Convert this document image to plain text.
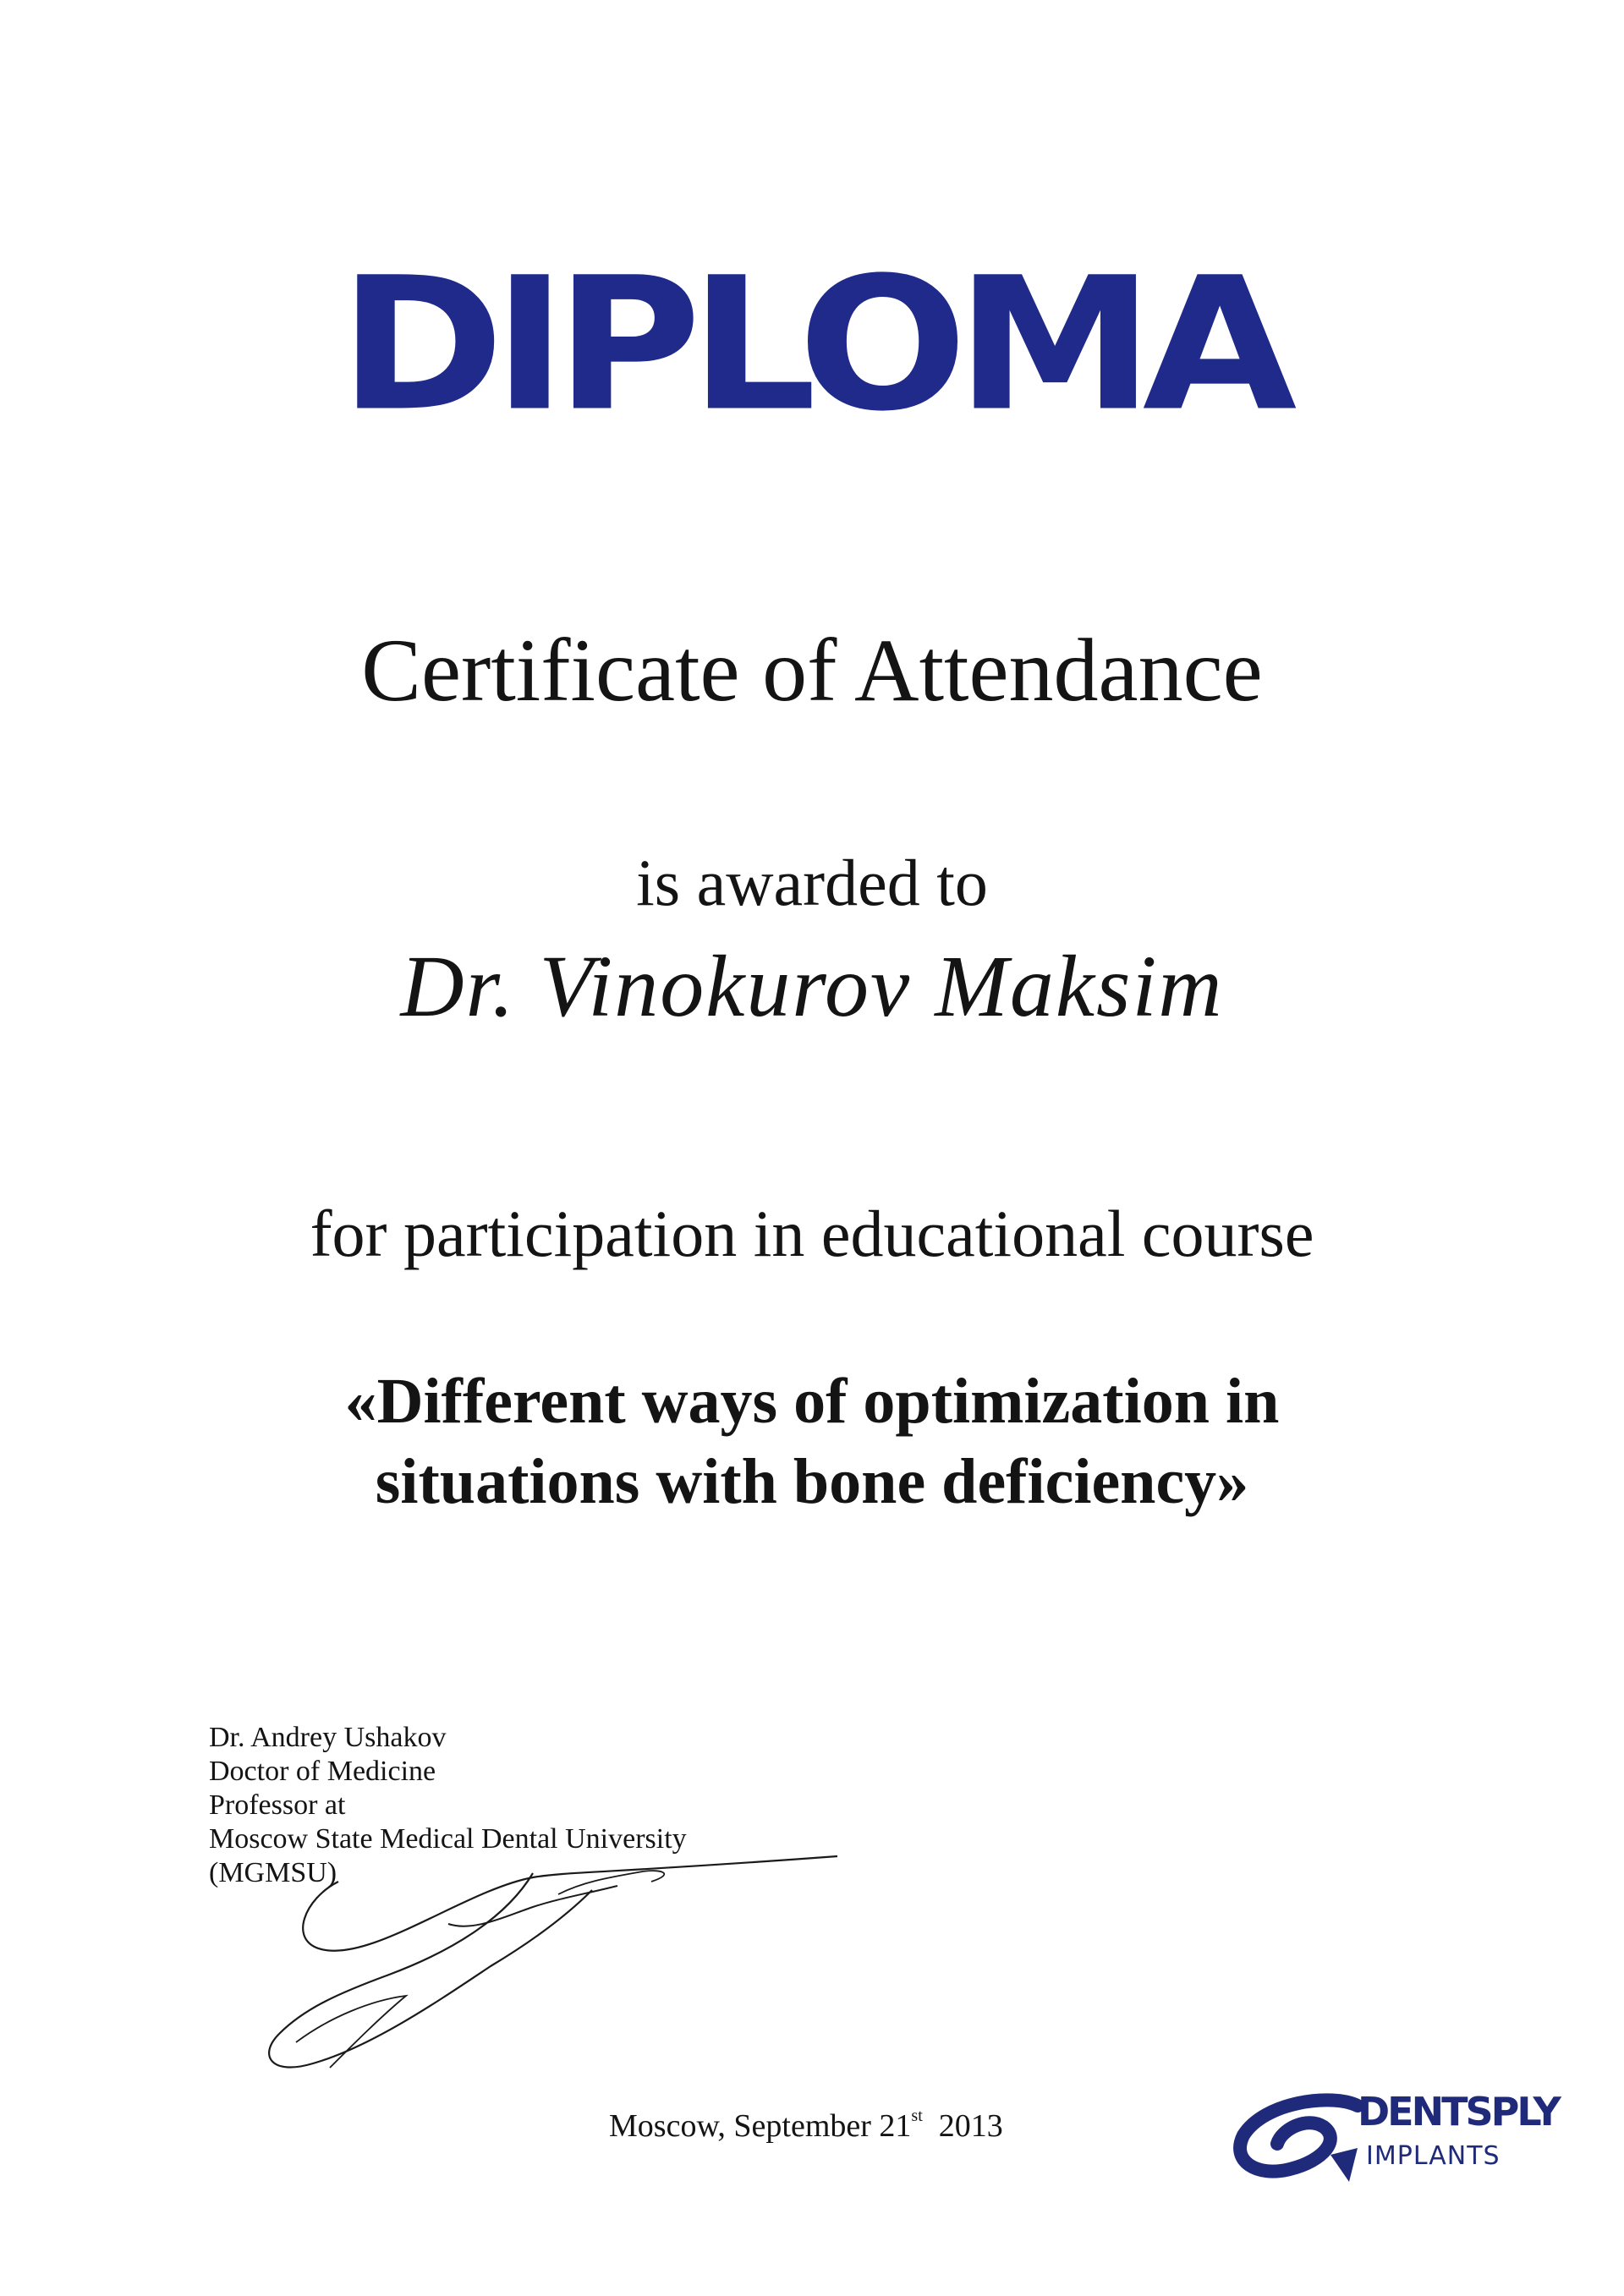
DIPLOMA
Certificate of Attendance
is awarded to
Dr. Vinokurov Maksim
for participation in educational course
«Different ways of optimization in
situations with bone deficiency»
Dr. Andrey Ushakov
Doctor of Medicine
Professor at
Moscow State Medical Dental University
(MGMSU)
Moscow, September 21st 2013	DENTSPLY
IMPLANTS
